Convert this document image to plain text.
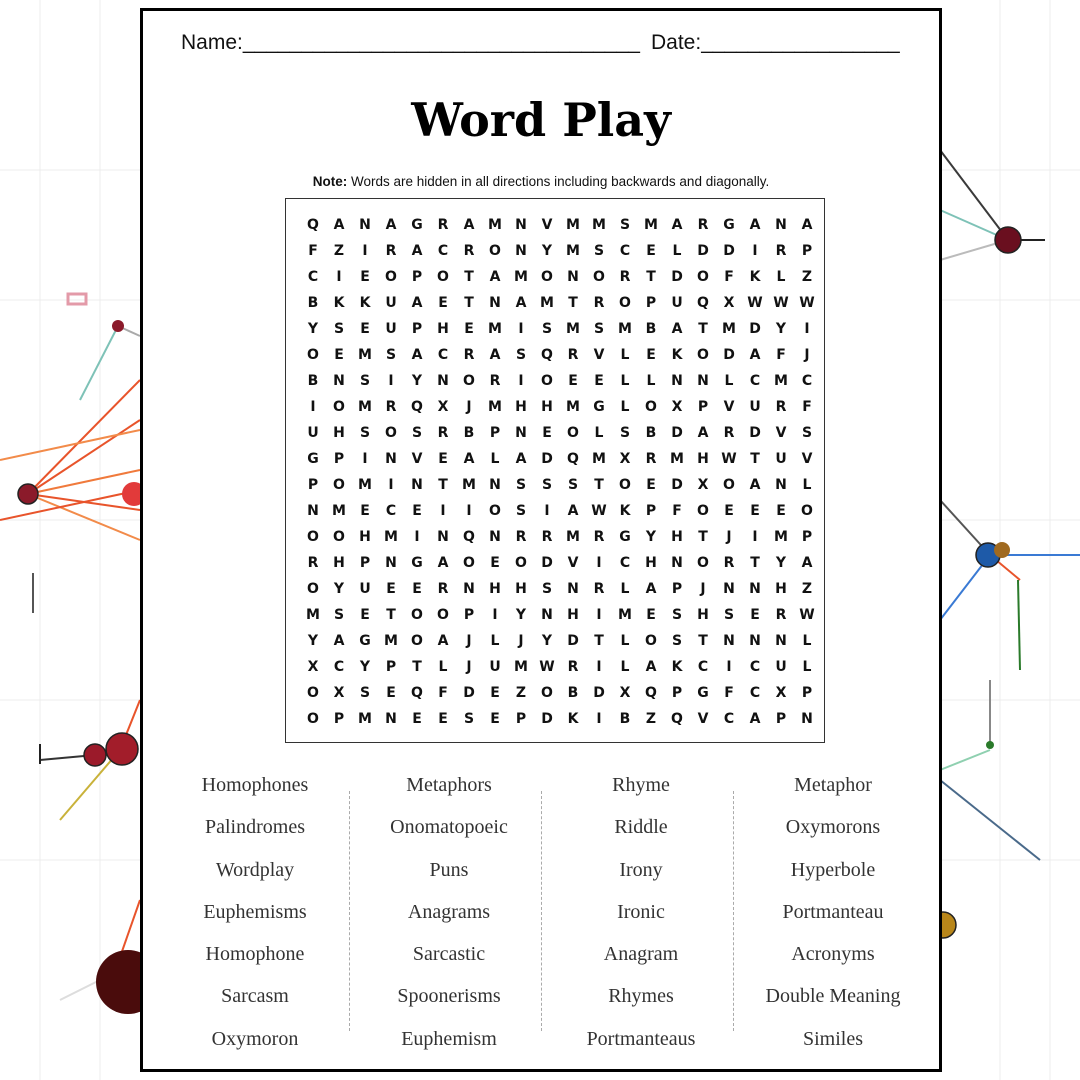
Name:__________________________________ Date:_________________
Word Play
Note: Words are hidden in all directions including backwards and diagonally.
Q	A	N	A	G	R	A M N	V M M S M A	R	G	A	N	A
F	Z	I	R	A	C	R	O	N	Y M S	C	E	L	D	D	I	R	P
C	I	E	O	P	O	T	A M O	N	O	R	T	D	O	F	K	L	Z
B	K	K	U	A	E	T	N	A M	T	R	O	P	U	Q	X W W W
Y	S	E	U	P	H	E	M	I	S M S M B	A	T	M D	Y	I
O	E	M S	A	C	R	A	S	Q	R	V	L	E	K	O	D	A	F	J
B	N	S	I	Y	N	O	R	I	O	E	E	L	L	N	N	L	C M C
I	O M R	Q	X	J	M H	H M G	L	O	X	P	V	U	R	F
U	H	S	O	S	R	B	P	N	E	O	L	S	B	D	A	R	D	V	S
G	P	I	N	V	E	A	L	A	D	Q M X	R M H W T	U	V
P	O M	I	N	T	M N	S	S	S	T	O	E	D	X	O	A	N	L
N M	E	C	E	I	I	O	S	I	A W K	P	F	O	E	E	E	O
O	O	H M	I	N	Q	N	R	R M R	G	Y	H	T	J	I	M P
R	H	P	N	G	A	O	E	O	D	V	I	C	H	N	O	R	T	Y	A
O	Y	U	E	E	R	N	H	H	S	N	R	L	A	P	J	N	N	H	Z
M S	E	T	O	O	P	I	Y	N	H	I	M	E	S	H	S	E	R W
Y	A	G M O	A	J	L	J	Y	D	T	L	O	S	T	N	N	N	L
X	C	Y	P	T	L	J	U M W R	I	L	A	K	C	I	C	U	L
O	X	S	E	Q	F	D	E	Z	O	B	D	X	Q	P	G	F	C	X	P
O	P M N	E	E	S	E	P	D	K	I	B	Z	Q	V	C	A	P	N
Homophones
Palindromes
Wordplay
Euphemisms
Homophone
Sarcasm
Oxymoron
Metaphors
Onomatopoeic
Puns
Anagrams
Sarcastic
Spoonerisms
Euphemism
Rhyme
Riddle
Irony
Ironic
Anagram
Rhymes
Portmanteaus
Metaphor
Oxymorons
Hyperbole
Portmanteau
Acronyms
Double Meaning
Similes
